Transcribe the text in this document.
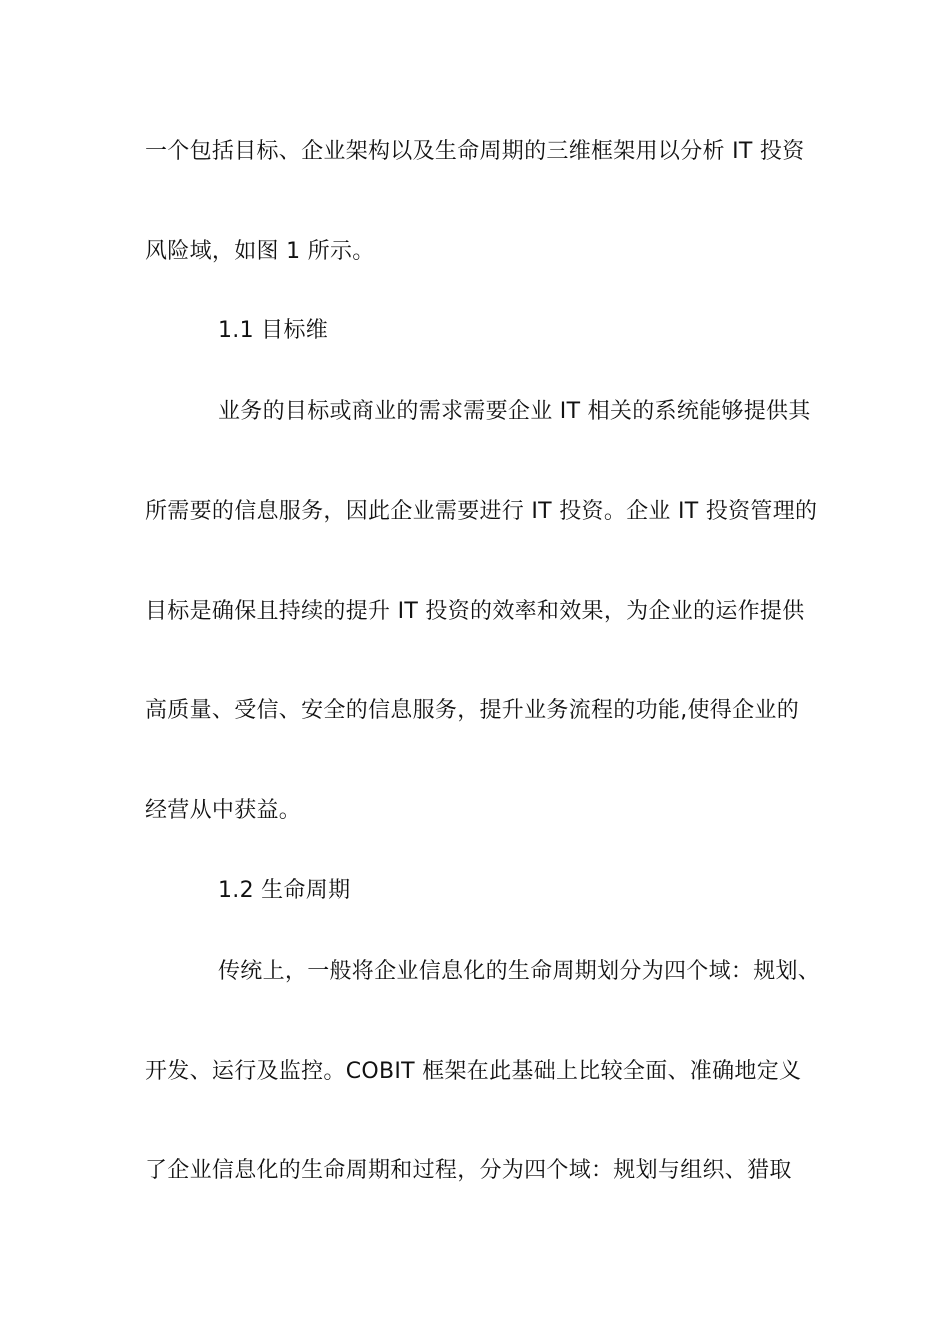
一个包括目标、企业架构以及生命周期的三维框架用以分析 IT 投资
风险域，如图 1 所示。
1.1 目标维
业务的目标或商业的需求需要企业 IT 相关的系统能够提供其
所需要的信息服务，因此企业需要进行 IT 投资。企业 IT 投资管理的
目标是确保且持续的提升 IT 投资的效率和效果，为企业的运作提供
高质量、受信、安全的信息服务，提升业务流程的功能,使得企业的
经营从中获益。
1.2 生命周期
传统上，一般将企业信息化的生命周期划分为四个域：规划、
开发、运行及监控。COBIT 框架在此基础上比较全面、准确地定义
了企业信息化的生命周期和过程，分为四个域：规划与组织、猎取
